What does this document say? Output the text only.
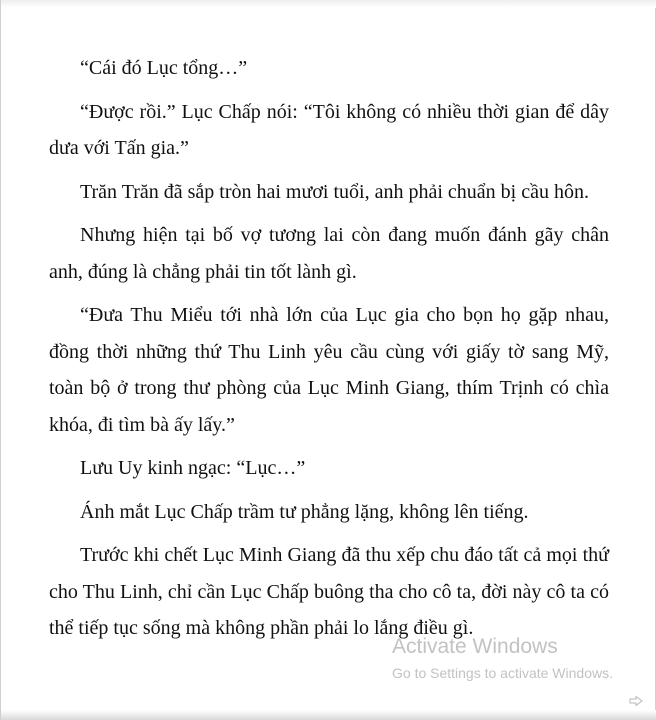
“Cái đó Lục tổng…”

“Được rồi.” Lục Chấp nói: “Tôi không có nhiều thời gian để dây dưa với Tấn gia.”

Trăn Trăn đã sắp tròn hai mươi tuổi, anh phải chuẩn bị cầu hôn.

Nhưng hiện tại bố vợ tương lai còn đang muốn đánh gãy chân anh, đúng là chẳng phải tin tốt lành gì.

“Đưa Thu Miểu tới nhà lớn của Lục gia cho bọn họ gặp nhau, đồng thời những thứ Thu Linh yêu cầu cùng với giấy tờ sang Mỹ, toàn bộ ở trong thư phòng của Lục Minh Giang, thím Trịnh có chìa khóa, đi tìm bà ấy lấy.”

Lưu Uy kinh ngạc: “Lục…”

Ánh mắt Lục Chấp trầm tư phẳng lặng, không lên tiếng.

Trước khi chết Lục Minh Giang đã thu xếp chu đáo tất cả mọi thứ cho Thu Linh, chỉ cần Lục Chấp buông tha cho cô ta, đời này cô ta có thể tiếp tục sống mà không phần phải lo lắng điều gì.

Activate Windows
Go to Settings to activate Windows.
